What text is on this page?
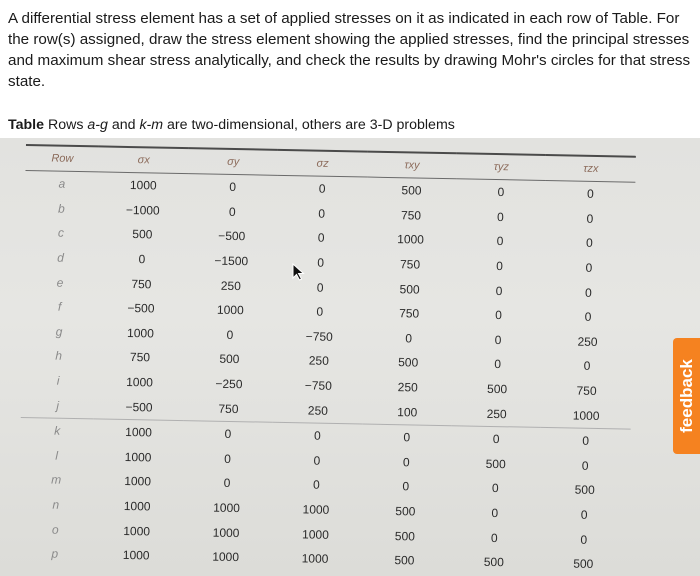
A differential stress element has a set of applied stresses on it as indicated in each row of Table. For the row(s) assigned, draw the stress element showing the applied stresses, find the principal stresses and maximum shear stress analytically, and check the results by drawing Mohr's circles for that stress state.
Table Rows a-g and k-m are two-dimensional, others are 3-D problems
Row	σx	σy	σz	τxy	τyz	τzx
a	1000	0	0	500	0	0
b	−1000	0	0	750	0	0
c	500	−500	0	1000	0	0
d	0	−1500	0	750	0	0
e	750	250	0	500	0	0
f	−500	1000	0	750	0	0
g	1000	0	−750	0	0	250
h	750	500	250	500	0	0
i	1000	−250	−750	250	500	750
j	−500	750	250	100	250	1000
k	1000	0	0	0	0	0
l	1000	0	0	0	500	0
m	1000	0	0	0	0	500
n	1000	1000	1000	500	0	0
o	1000	1000	1000	500	0	0
p	1000	1000	1000	500	500	500
feedback
